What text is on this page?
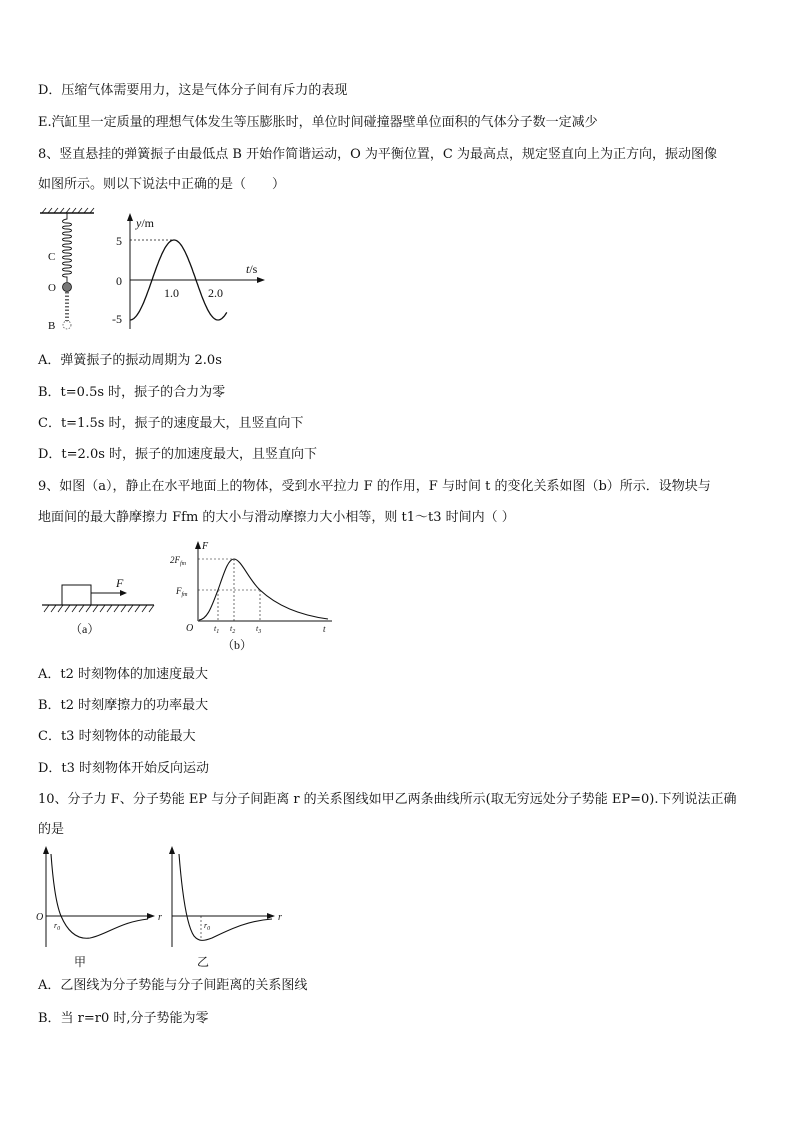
D．压缩气体需要用力，这是气体分子间有斥力的表现
E.汽缸里一定质量的理想气体发生等压膨胀时，单位时间碰撞器壁单位面积的气体分子数一定减少
8、竖直悬挂的弹簧振子由最低点 B 开始作简谐运动，O 为平衡位置，C 为最高点，规定竖直向上为正方向，振动图像
如图所示。则以下说法中正确的是（　　）
C
O
B
y/m
t/s
5
0
-5
1.0 2.0
A．弹簧振子的振动周期为 2.0s
B．t=0.5s 时，振子的合力为零
C．t=1.5s 时，振子的速度最大，且竖直向下
D．t=2.0s 时，振子的加速度最大，且竖直向下
9、如图（a），静止在水平地面上的物体，受到水平拉力 F 的作用，F 与时间 t 的变化关系如图（b）所示．设物块与
地面间的最大静摩擦力 Ffm 的大小与滑动摩擦力大小相等，则 t1～t3 时间内（ ）
F
（a）
F
$2F_{fm}$
$F_{fm}$
O	t
$t_1$ $t_2$	$t_3$
（b）
A．t2 时刻物体的加速度最大
B．t2 时刻摩擦力的功率最大
C．t3 时刻物体的动能最大
D．t3 时刻物体开始反向运动
10、分子力 F、分子势能 EP 与分子间距离 r 的关系图线如甲乙两条曲线所示(取无穷远处分子势能 EP=0).下列说法正确
的是
O
$r_0$
r
甲
$r_0$
r
乙
A．乙图线为分子势能与分子间距离的关系图线
B．当 r=r0 时,分子势能为零
